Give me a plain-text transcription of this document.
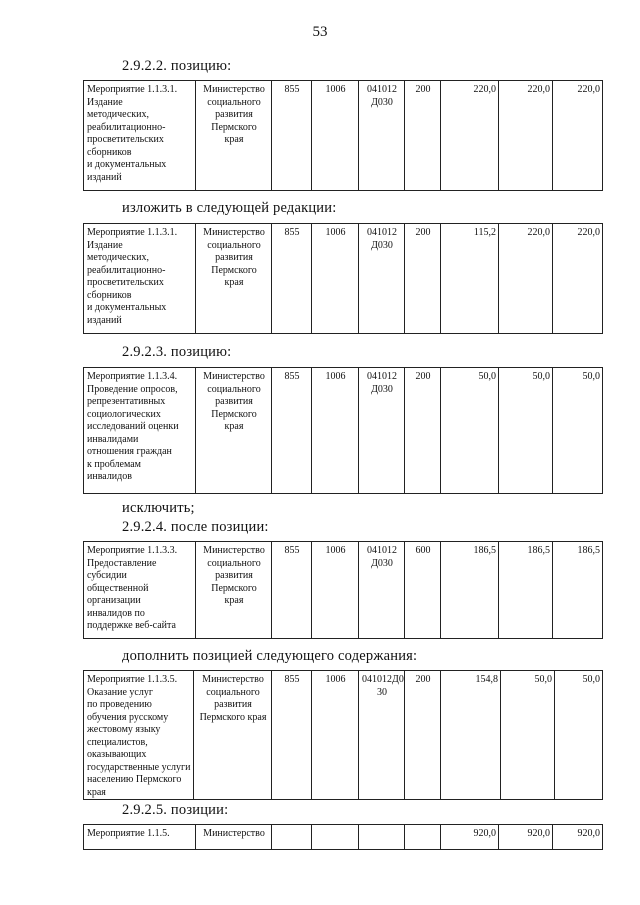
53
2.9.2.2. позицию:
Мероприятие 1.1.3.1.
Издание
методических,
реабилитационно-
просветительских
сборников
и документальных
изданий	Министерство
социального
развития
Пермского
края	855	1006	041012
Д030	200	220,0	220,0	220,0
изложить в следующей редакции:
Мероприятие 1.1.3.1.
Издание
методических,
реабилитационно-
просветительских
сборников
и документальных
изданий	Министерство
социального
развития
Пермского
края	855	1006	041012
Д030	200	115,2	220,0	220,0
2.9.2.3. позицию:
Мероприятие 1.1.3.4.
Проведение опросов,
репрезентативных
социологических
исследований оценки
инвалидами
отношения граждан
к проблемам
инвалидов	Министерство
социального
развития
Пермского
края	855	1006	041012
Д030	200	50,0	50,0	50,0
исключить;
2.9.2.4. после позиции:
Мероприятие 1.1.3.3.
Предоставление
субсидии
общественной
организации
инвалидов по
поддержке веб-сайта	Министерство
социального
развития
Пермского
края	855	1006	041012
Д030	600	186,5	186,5	186,5
дополнить позицией следующего содержания:
Мероприятие 1.1.3.5.
Оказание услуг
по проведению
обучения русскому
жестовому языку
специалистов,
оказывающих
государственные услуги
населению Пермского
края	Министерство
социального
развития
Пермского края	855	1006	041012Д0
30	200	154,8	50,0	50,0
2.9.2.5. позиции:
Мероприятие 1.1.5.	Министерство					920,0	920,0	920,0
